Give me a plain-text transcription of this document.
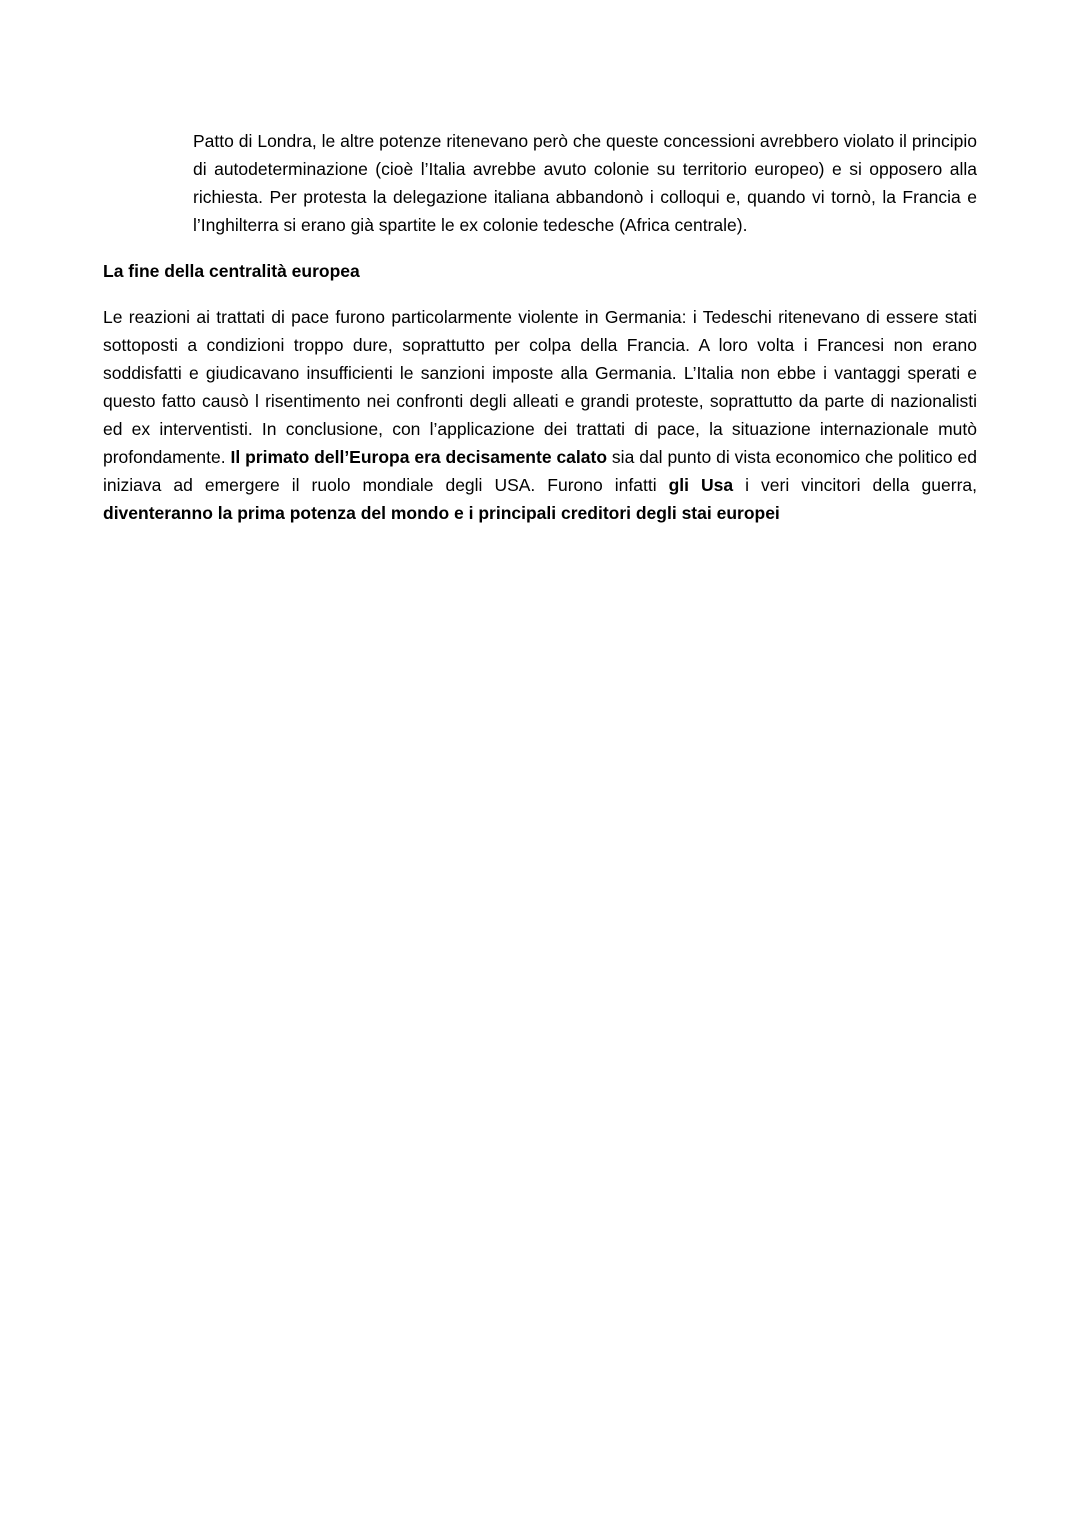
Patto di Londra, le altre potenze ritenevano però che queste concessioni avrebbero violato il principio di autodeterminazione (cioè l’Italia avrebbe avuto colonie su territorio europeo) e si opposero alla richiesta. Per protesta la delegazione italiana abbandonò i colloqui e, quando vi tornò, la Francia e l’Inghilterra si erano già spartite le ex colonie tedesche (Africa centrale).

La fine della centralità europea

Le reazioni ai trattati di pace furono particolarmente violente in Germania: i Tedeschi ritenevano di essere stati sottoposti a condizioni troppo dure, soprattutto per colpa della Francia. A loro volta i Francesi non erano soddisfatti e giudicavano insufficienti le sanzioni imposte alla Germania. L’Italia non ebbe i vantaggi sperati e questo fatto causò l risentimento nei confronti degli alleati e grandi proteste, soprattutto da parte di nazionalisti ed ex interventisti. In conclusione, con l’applicazione dei trattati di pace, la situazione internazionale mutò profondamente. Il primato dell’Europa era decisamente calato sia dal punto di vista economico che politico ed iniziava ad emergere il ruolo mondiale degli USA. Furono infatti gli Usa i veri vincitori della guerra, diventeranno la prima potenza del mondo e i principali creditori degli stai europei
